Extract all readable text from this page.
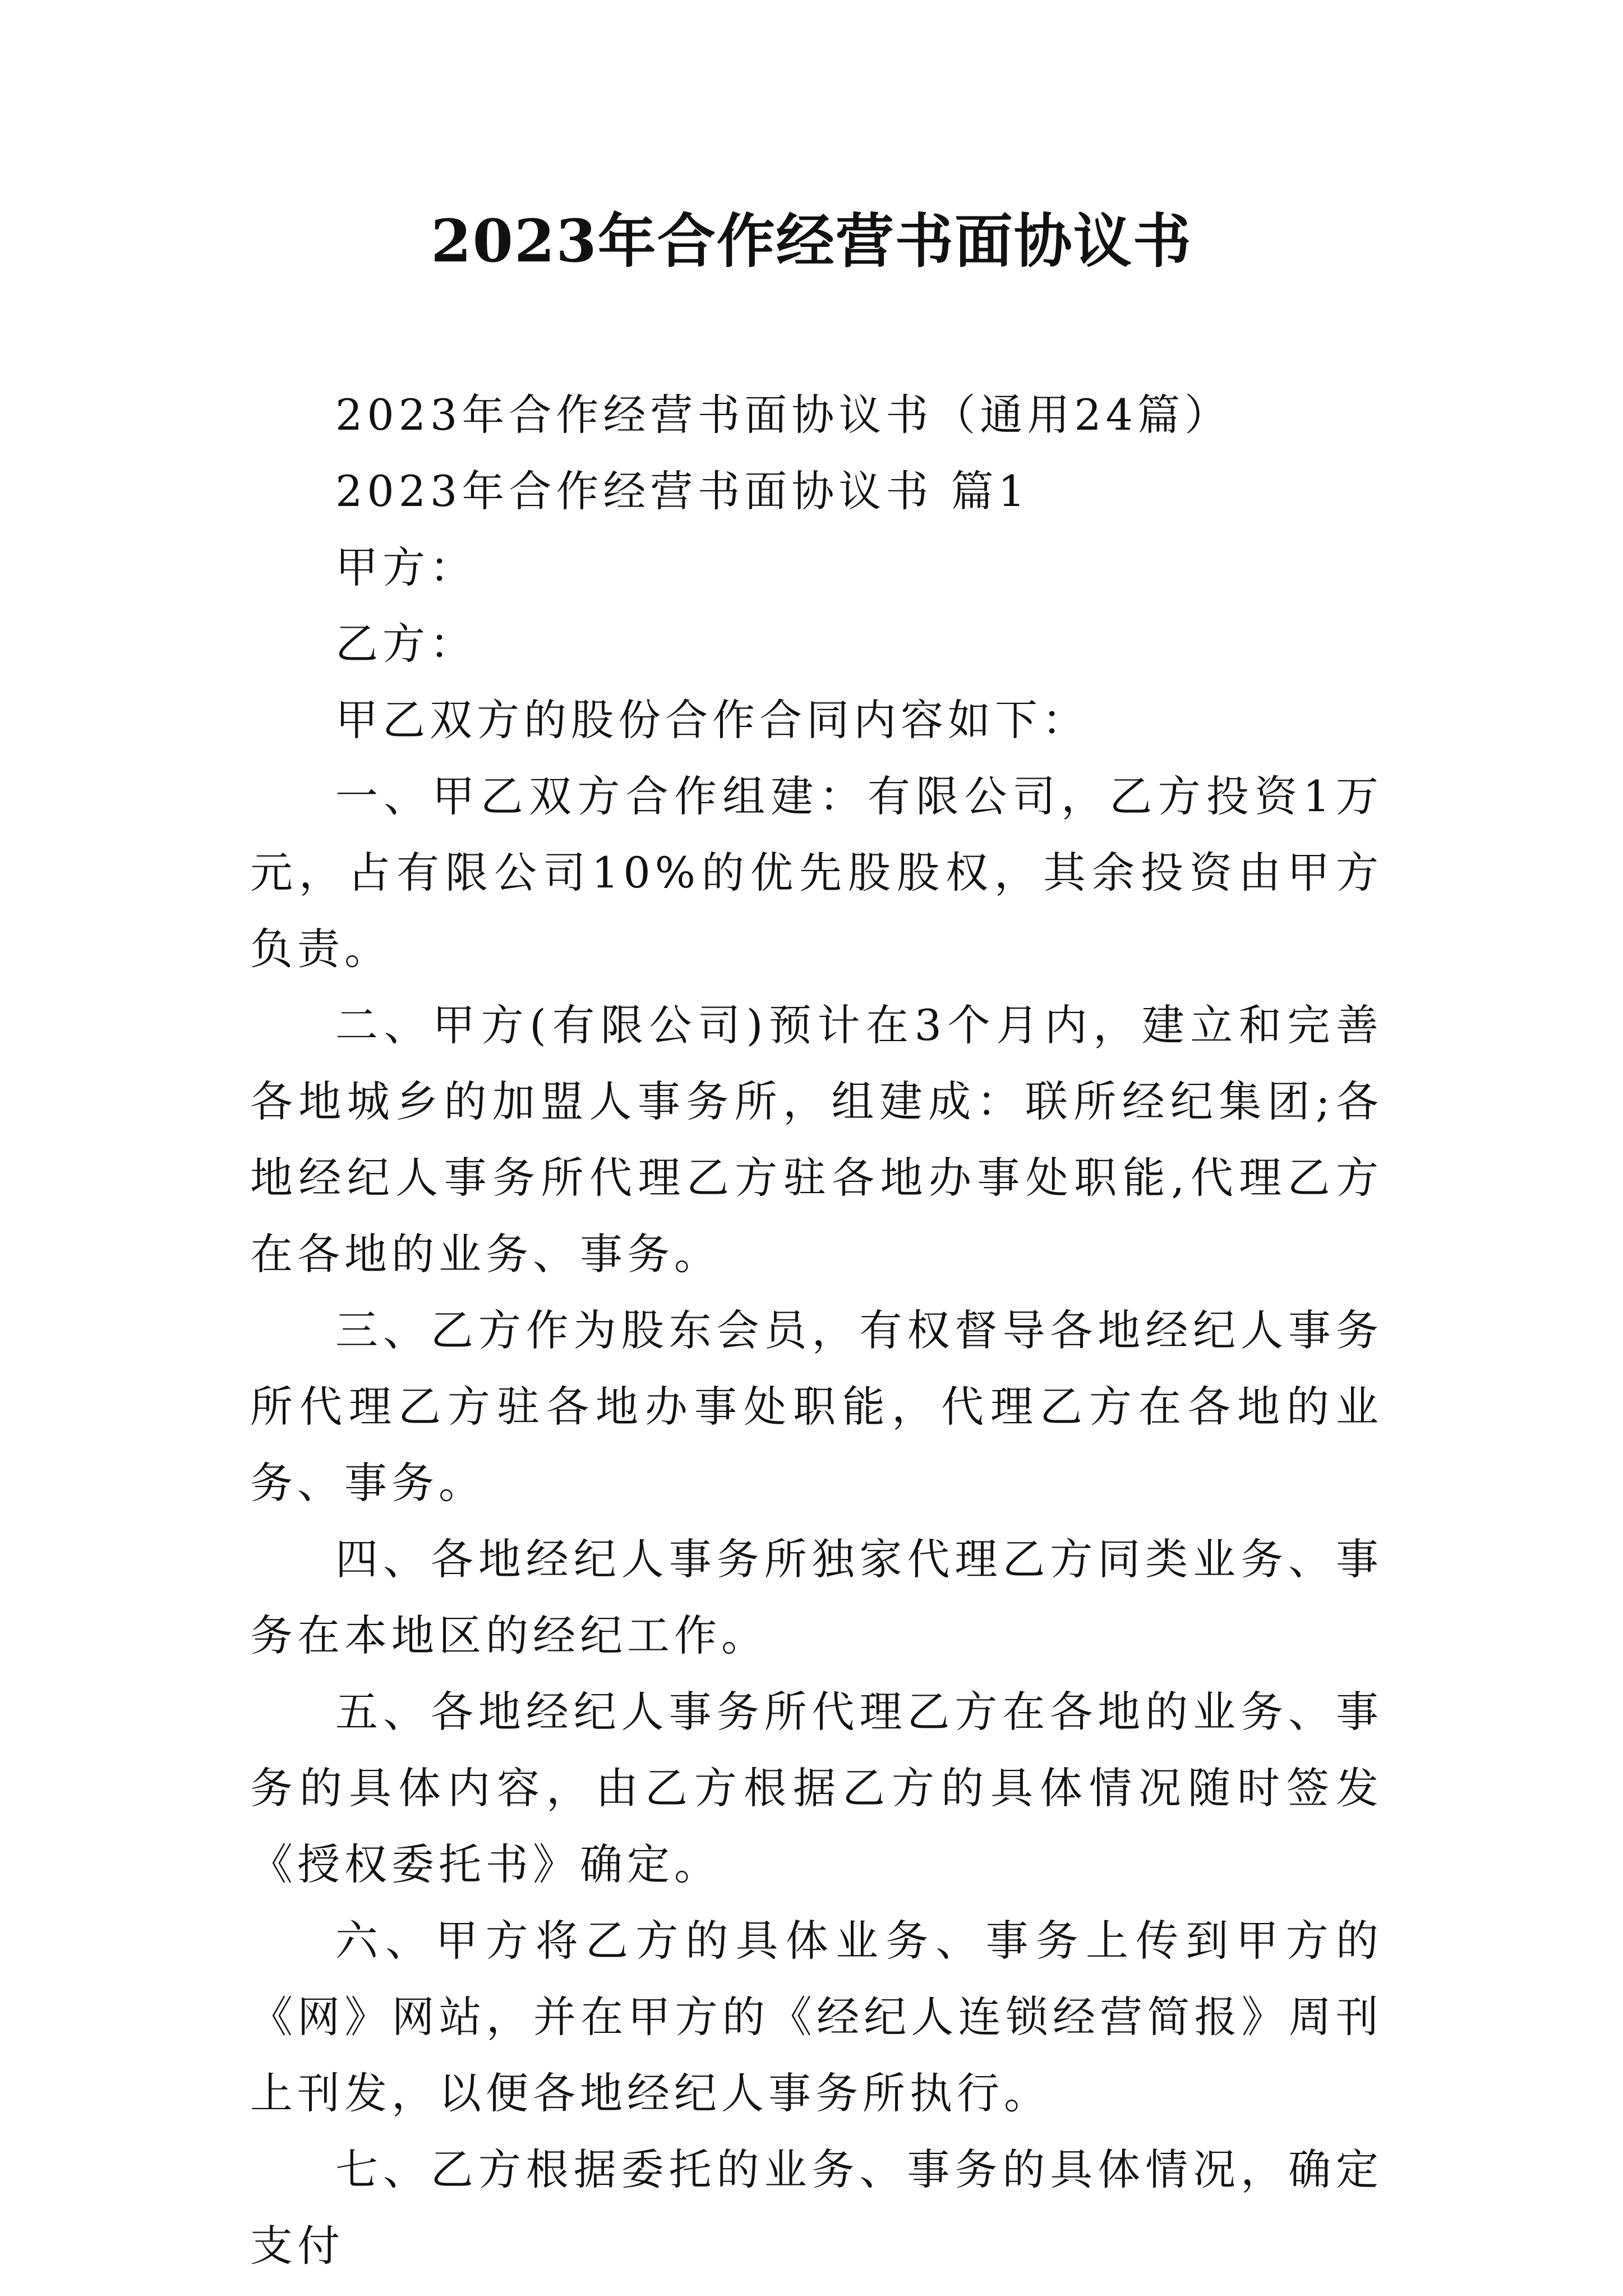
2023年合作经营书面协议书

2023年合作经营书面协议书（通用24篇）

2023年合作经营书面协议书 篇1

甲方：

乙方：

甲乙双方的股份合作合同内容如下：

一、甲乙双方合作组建：有限公司，乙方投资1万元，占有限公司10%的优先股股权，其余投资由甲方负责。

二、甲方(有限公司)预计在3个月内，建立和完善各地城乡的加盟人事务所，组建成：联所经纪集团;各地经纪人事务所代理乙方驻各地办事处职能,代理乙方在各地的业务、事务。

三、乙方作为股东会员，有权督导各地经纪人事务所代理乙方驻各地办事处职能，代理乙方在各地的业务、事务。

四、各地经纪人事务所独家代理乙方同类业务、事务在本地区的经纪工作。

五、各地经纪人事务所代理乙方在各地的业务、事务的具体内容，由乙方根据乙方的具体情况随时签发《授权委托书》确定。

六、甲方将乙方的具体业务、事务上传到甲方的《网》网站，并在甲方的《经纪人连锁经营简报》周刊上刊发，以便各地经纪人事务所执行。

七、乙方根据委托的业务、事务的具体情况，确定支付
